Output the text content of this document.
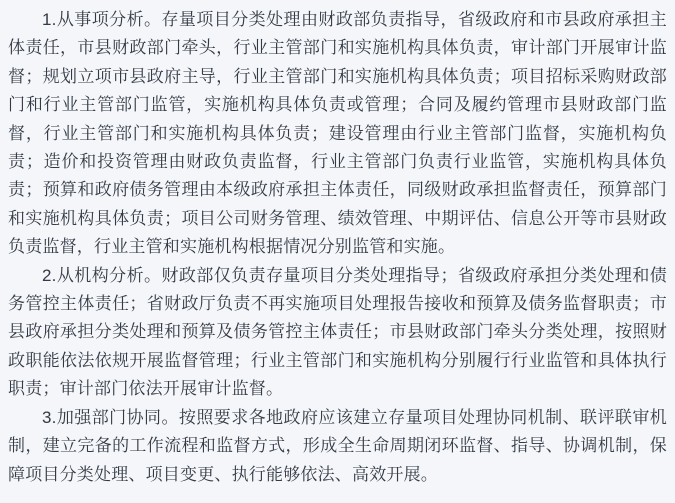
1.从事项分析。存量项目分类处理由财政部负责指导，省级政府和市县政府承担主体责任，市县财政部门牵头，行业主管部门和实施机构具体负责，审计部门开展审计监督；规划立项市县政府主导，行业主管部门和实施机构具体负责；项目招标采购财政部门和行业主管部门监管，实施机构具体负责或管理；合同及履约管理市县财政部门监督，行业主管部门和实施机构具体负责；建设管理由行业主管部门监督，实施机构负责；造价和投资管理由财政负责监督，行业主管部门负责行业监管，实施机构具体负责；预算和政府债务管理由本级政府承担主体责任，同级财政承担监督责任，预算部门和实施机构具体负责；项目公司财务管理、绩效管理、中期评估、信息公开等市县财政负责监督，行业主管和实施机构根据情况分别监管和实施。

2.从机构分析。财政部仅负责存量项目分类处理指导；省级政府承担分类处理和债务管控主体责任；省财政厅负责不再实施项目处理报告接收和预算及债务监督职责；市县政府承担分类处理和预算及债务管控主体责任；市县财政部门牵头分类处理，按照财政职能依法依规开展监督管理；行业主管部门和实施机构分别履行行业监管和具体执行职责；审计部门依法开展审计监督。

3.加强部门协同。按照要求各地政府应该建立存量项目处理协同机制、联评联审机制，建立完备的工作流程和监督方式，形成全生命周期闭环监督、指导、协调机制，保障项目分类处理、项目变更、执行能够依法、高效开展。
